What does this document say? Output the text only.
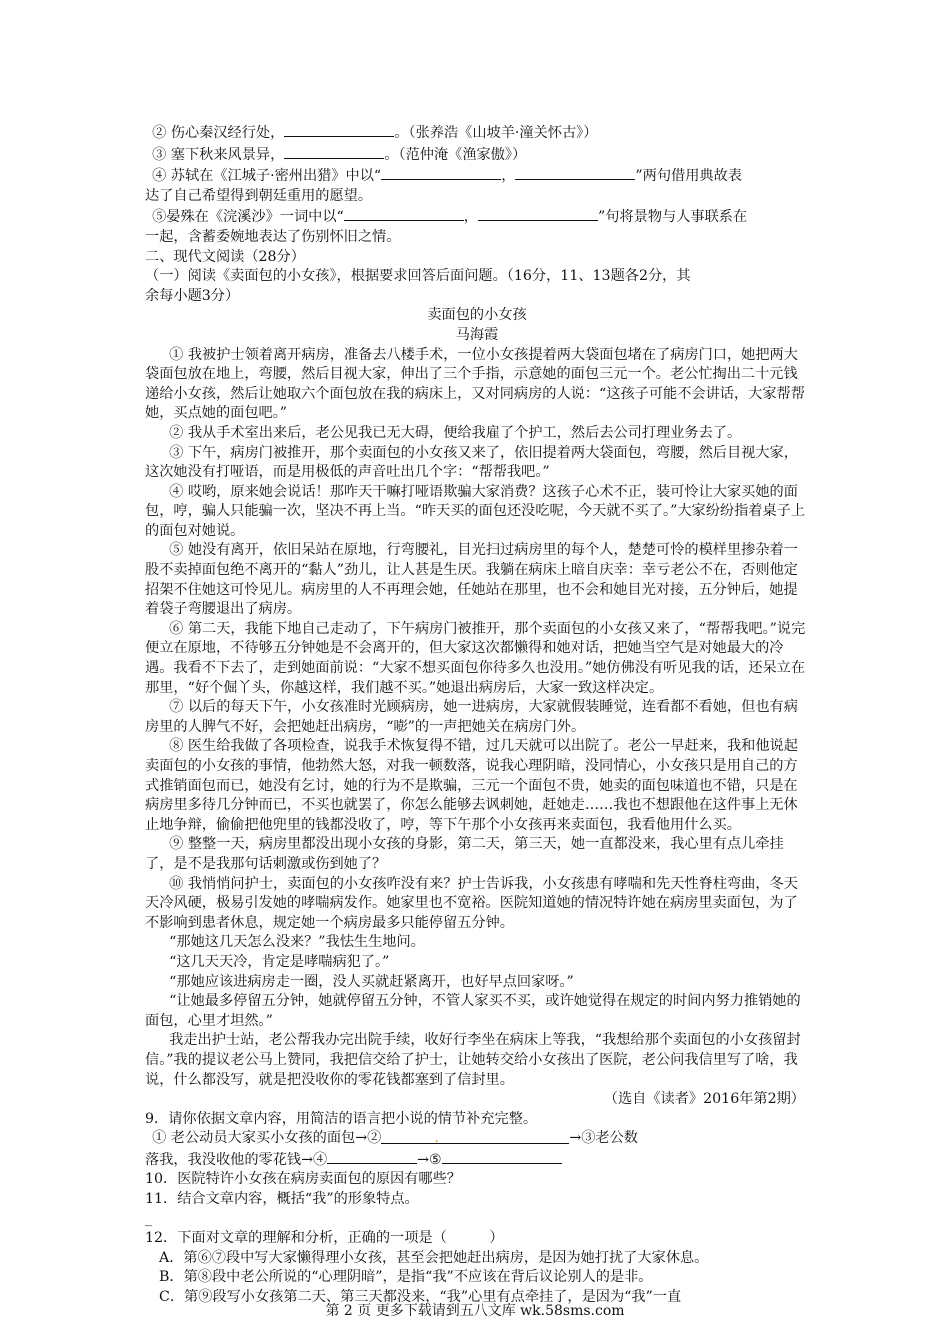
② 伤心秦汉经行处，	。（张养浩《山坡羊·潼关怀古》）

③ 塞下秋来风景异，	。（范仲淹《渔家傲》）

④ 苏轼在《江城子·密州出猎》中以“	，	”两句借用典故表

达了自己希望得到朝廷重用的愿望。

⑤晏殊在《浣溪沙》一词中以“	，	”句将景物与人事联系在

一起，含蓄委婉地表达了伤别怀旧之情。

二、现代文阅读（28分）

（一）阅读《卖面包的小女孩》，根据要求回答后面问题。（16分，11、13题各2分，其

余每小题3分）

卖面包的小女孩

马海霞

① 我被护士领着离开病房，准备去八楼手术，一位小女孩提着两大袋面包堵在了病房门口，她把两大袋面包放在地上，弯腰，然后目视大家，伸出了三个手指，示意她的面包三元一个。老公忙掏出二十元钱递给小女孩，然后让她取六个面包放在我的病床上，又对同病房的人说：“这孩子可能不会讲话，大家帮帮她，买点她的面包吧。”

② 我从手术室出来后，老公见我已无大碍，便给我雇了个护工，然后去公司打理业务去了。

③ 下午，病房门被推开，那个卖面包的小女孩又来了，依旧提着两大袋面包，弯腰，然后目视大家，这次她没有打哑语，而是用极低的声音吐出几个字：“帮帮我吧。”

④ 哎哟，原来她会说话！那咋天干嘛打哑语欺骗大家消费？这孩子心术不正，装可怜让大家买她的面包，哼，骗人只能骗一次，坚决不再上当。“昨天买的面包还没吃呢，今天就不买了。”大家纷纷指着桌子上的面包对她说。

⑤ 她没有离开，依旧呆站在原地，行弯腰礼，目光扫过病房里的每个人，楚楚可怜的模样里掺杂着一股不卖掉面包绝不离开的“黏人”劲儿，让人甚是生厌。我躺在病床上暗自庆幸：幸亏老公不在，否则他定招架不住她这可怜见儿。病房里的人不再理会她，任她站在那里，也不会和她目光对接，五分钟后，她提着袋子弯腰退出了病房。

⑥ 第二天，我能下地自己走动了，下午病房门被推开，那个卖面包的小女孩又来了，“帮帮我吧。”说完便立在原地，不待够五分钟她是不会离开的，但大家这次都懒得和她对话，把她当空气是对她最大的冷遇。我看不下去了，走到她面前说：“大家不想买面包你待多久也没用。”她仿佛没有听见我的话，还呆立在那里，“好个倔丫头，你越这样，我们越不买。”她退出病房后，大家一致这样决定。

⑦ 以后的每天下午，小女孩准时光顾病房，她一进病房，大家就假装睡觉，连看都不看她，但也有病房里的人脾气不好，会把她赶出病房，“嘭”的一声把她关在病房门外。

⑧ 医生给我做了各项检查，说我手术恢复得不错，过几天就可以出院了。老公一早赶来，我和他说起卖面包的小女孩的事情，他勃然大怒，对我一顿数落，说我心理阴暗，没同情心，小女孩只是用自己的方式推销面包而已，她没有乞讨，她的行为不是欺骗，三元一个面包不贵，她卖的面包味道也不错，只是在病房里多待几分钟而已，不买也就罢了，你怎么能够去讽刺她，赶她走……我也不想跟他在这件事上无休止地争辩，偷偷把他兜里的钱都没收了，哼，等下午那个小女孩再来卖面包，我看他用什么买。

⑨ 整整一天，病房里都没出现小女孩的身影，第二天，第三天，她一直都没来，我心里有点儿牵挂了，是不是我那句话刺激或伤到她了？

⑩ 我悄悄问护士，卖面包的小女孩咋没有来？护士告诉我，小女孩患有哮喘和先天性脊柱弯曲，冬天天冷风硬，极易引发她的哮喘病发作。她家里也不宽裕。医院知道她的情况特许她在病房里卖面包，为了不影响到患者休息，规定她一个病房最多只能停留五分钟。

“那她这几天怎么没来？”我怯生生地问。

“这几天天冷，肯定是哮喘病犯了。”

“那她应该进病房走一圈，没人买就赶紧离开，也好早点回家呀。”

“让她最多停留五分钟，她就停留五分钟，不管人家买不买，或许她觉得在规定的时间内努力推销她的面包，心里才坦然。”

我走出护士站，老公帮我办完出院手续，收好行李坐在病床上等我，“我想给那个卖面包的小女孩留封信。”我的提议老公马上赞同，我把信交给了护士，让她转交给小女孩出了医院，老公问我信里写了啥，我说，什么都没写，就是把没收你的零花钱都塞到了信封里。

（选自《读者》2016年第2期）

9．请你依据文章内容，用简洁的语言把小说的情节补充完整。

① 老公动员大家买小女孩的面包→②	.	→③老公数

落我，我没收他的零花钱→④	→⑤

10．医院特许小女孩在病房卖面包的原因有哪些？

11．结合文章内容，概括“我”的形象特点。

_

12．下面对文章的理解和分析，正确的一项是（　　　）

A．第⑥⑦段中写大家懒得理小女孩，甚至会把她赶出病房，是因为她打扰了大家休息。

B．第⑧段中老公所说的“心理阴暗”，是指“我”不应该在背后议论别人的是非。

C．第⑨段写小女孩第二天、第三天都没来，“我”心里有点牵挂了，是因为“我”一直

第 2 页 更多下载请到五八文库 wk.58sms.com
